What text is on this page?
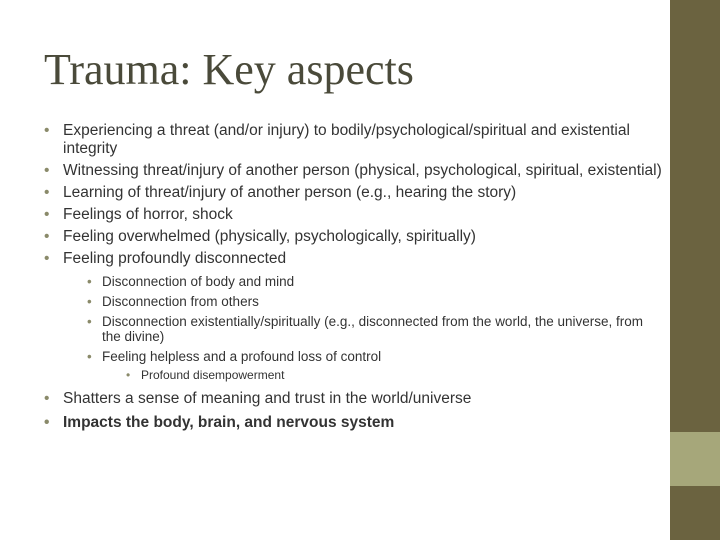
Trauma: Key aspects
• Experiencing a threat (and/or injury) to bodily/psychological/spiritual and existential integrity
• Witnessing threat/injury of another person (physical, psychological, spiritual, existential)
• Learning of threat/injury of another person (e.g., hearing the story)
• Feelings of horror, shock
• Feeling overwhelmed (physically, psychologically, spiritually)
• Feeling profoundly disconnected
• Disconnection of body and mind
• Disconnection from others
• Disconnection existentially/spiritually (e.g., disconnected from the world, the universe, from the divine)
• Feeling helpless and a profound loss of control
• Profound disempowerment
• Shatters a sense of meaning and trust in the world/universe
• Impacts the body, brain, and nervous system
